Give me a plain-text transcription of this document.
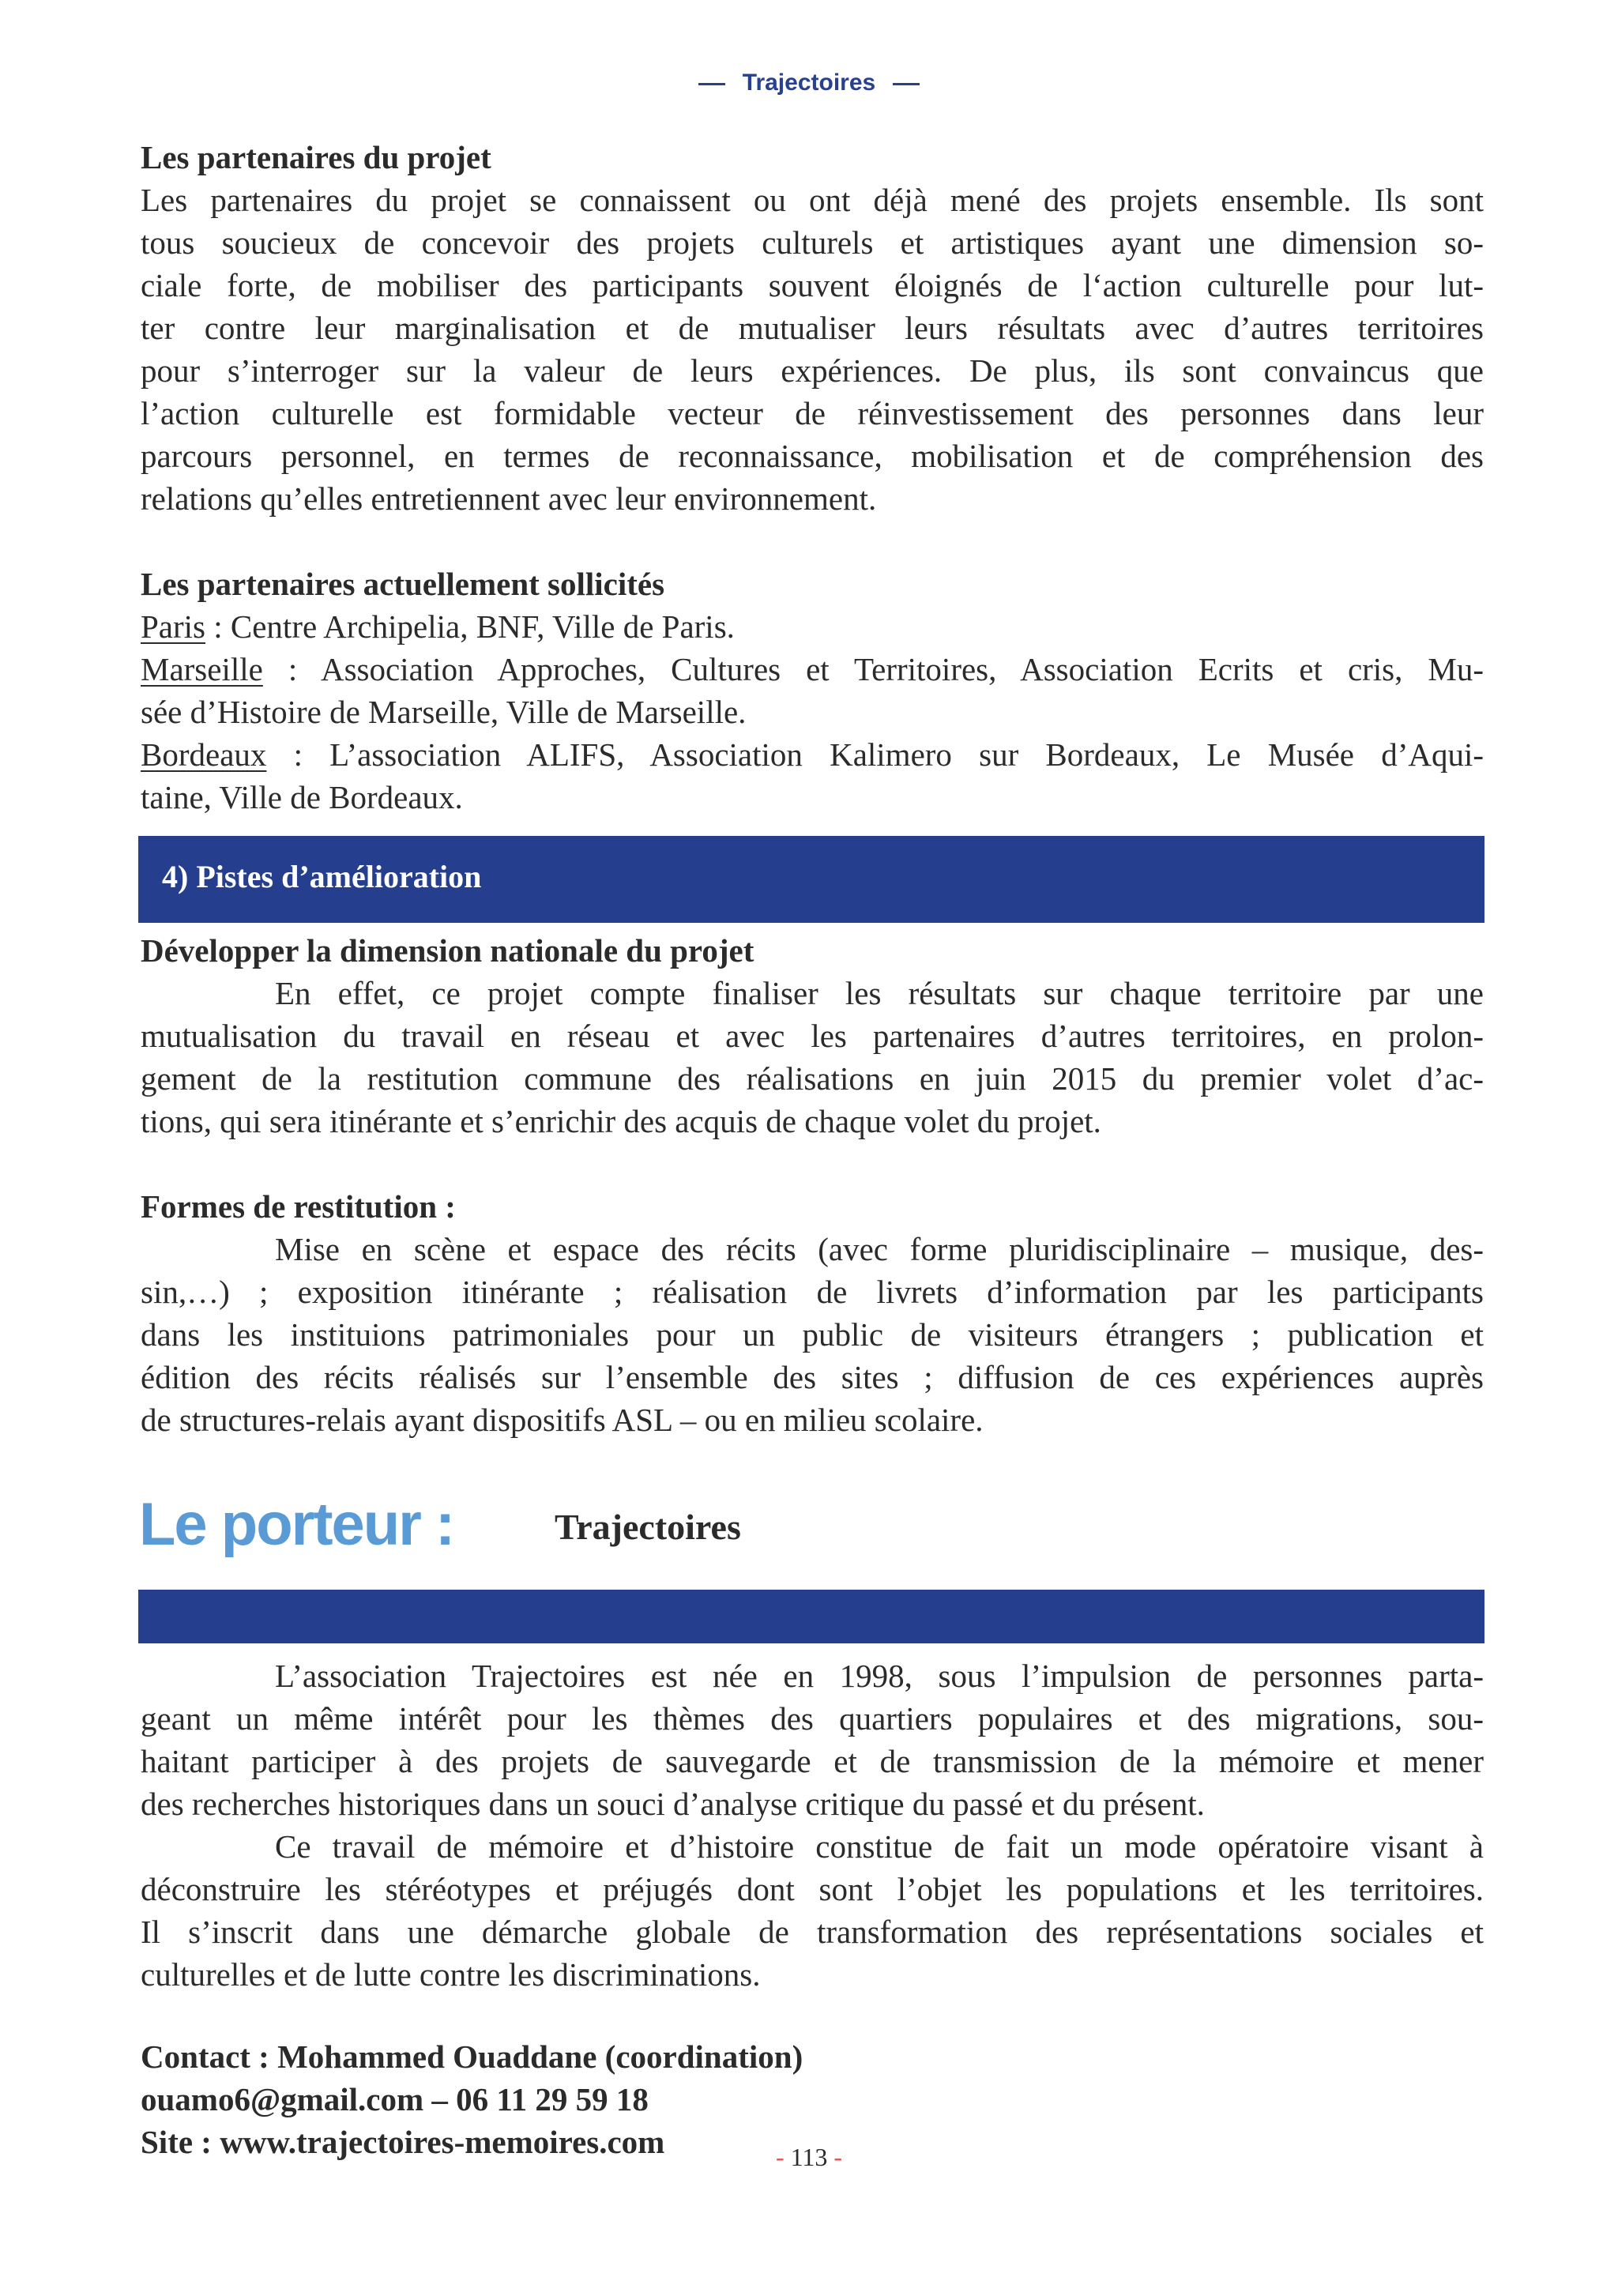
Trajectoires
Les partenaires du projet
Les partenaires du projet se connaissent ou ont déjà mené des projets ensemble. Ils sont
tous soucieux de concevoir des projets culturels et artistiques ayant une dimension so-
ciale forte, de mobiliser des participants souvent éloignés de l‘action culturelle pour lut-
ter contre leur marginalisation et de mutualiser leurs résultats avec d’autres territoires
pour s’interroger sur la valeur de leurs expériences. De plus, ils sont convaincus que
l’action culturelle est formidable vecteur de réinvestissement des personnes dans leur
parcours personnel, en termes de reconnaissance, mobilisation et de compréhension des
relations qu’elles entretiennent avec leur environnement.
Les partenaires actuellement sollicités
Paris : Centre Archipelia, BNF, Ville de Paris.
Marseille : Association Approches, Cultures et Territoires, Association Ecrits et cris, Mu-
sée d’Histoire de Marseille, Ville de Marseille.
Bordeaux : L’association ALIFS, Association Kalimero sur Bordeaux, Le Musée d’Aqui-
taine, Ville de Bordeaux.
4) Pistes d’amélioration
Développer la dimension nationale du projet
En effet, ce projet compte finaliser les résultats sur chaque territoire par une
mutualisation du travail en réseau et avec les partenaires d’autres territoires, en prolon-
gement de la restitution commune des réalisations en juin 2015 du premier volet d’ac-
tions, qui sera itinérante et s’enrichir des acquis de chaque volet du projet.
Formes de restitution :
Mise en scène et espace des récits (avec forme pluridisciplinaire – musique, des-
sin,…) ; exposition itinérante ; réalisation de livrets d’information par les participants
dans les instituions patrimoniales pour un public de visiteurs étrangers ; publication et
édition des récits réalisés sur l’ensemble des sites ; diffusion de ces expériences auprès
de structures-relais ayant dispositifs ASL – ou en milieu scolaire.
Le porteur :	Trajectoires
L’association Trajectoires est née en 1998, sous l’impulsion de personnes parta-
geant un même intérêt pour les thèmes des quartiers populaires et des migrations, sou-
haitant participer à des projets de sauvegarde et de transmission de la mémoire et mener
des recherches historiques dans un souci d’analyse critique du passé et du présent.
Ce travail de mémoire et d’histoire constitue de fait un mode opératoire visant à
déconstruire les stéréotypes et préjugés dont sont l’objet les populations et les territoires.
Il s’inscrit dans une démarche globale de transformation des représentations sociales et
culturelles et de lutte contre les discriminations.
Contact : Mohammed Ouaddane (coordination)
ouamo6@gmail.com – 06 11 29 59 18
Site : www.trajectoires-memoires.com	- 113 -
